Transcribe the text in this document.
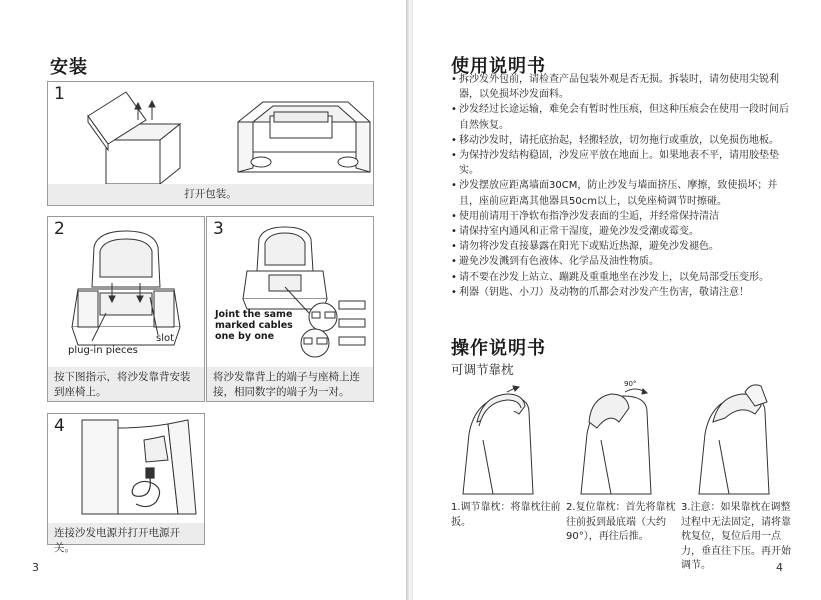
安装
1
打开包装。
2
slot
plug-in pieces
按下图指示，将沙发靠背安装到座椅上。
3
Joint the same marked cables one by one
将沙发靠背上的端子与座椅上连接，相同数字的端子为一对。
4
连接沙发电源并打开电源开关。
3
使用说明书
• 拆沙发外包前，请检查产品包装外观是否无损。拆装时，请勿使用尖锐利器，以免损坏沙发面料。
• 沙发经过长途运输，难免会有暂时性压痕，但这种压痕会在使用一段时间后自然恢复。
• 移动沙发时，请托底抬起，轻搬轻放，切勿拖行或重放，以免损伤地板。
• 为保持沙发结构稳固，沙发应平放在地面上。如果地表不平，请用胶垫垫实。
• 沙发摆放应距离墙面30CM，防止沙发与墙面挤压、摩擦，致使损坏；并且，座前应距离其他器具50cm以上，以免座椅调节时擦碰。
• 使用前请用干净软布指净沙发表面的尘逅，并经常保持清洁
• 请保持室内通风和正常干湿度，避免沙发受潮或霉变。
• 请勿将沙发直接暴露在阳光下或贴近热源，避免沙发褪色。
• 避免沙发溅到有色液体、化学品及油性物质。
• 请不要在沙发上站立、蹦跳及重重地坐在沙发上，以免局部受压变形。
• 利器（钥匙、小刀）及动物的爪都会对沙发产生伤害，敬请注意！
操作说明书
可调节靠枕
90°
1.调节靠枕：将靠枕往前扳。
2.复位靠枕：首先将靠枕往前扳到最底端（大约90°），再往后推。
3.注意：如果靠枕在调整过程中无法固定，请将靠枕复位，复位后用一点力，垂直往下压。再开始调节。	4
